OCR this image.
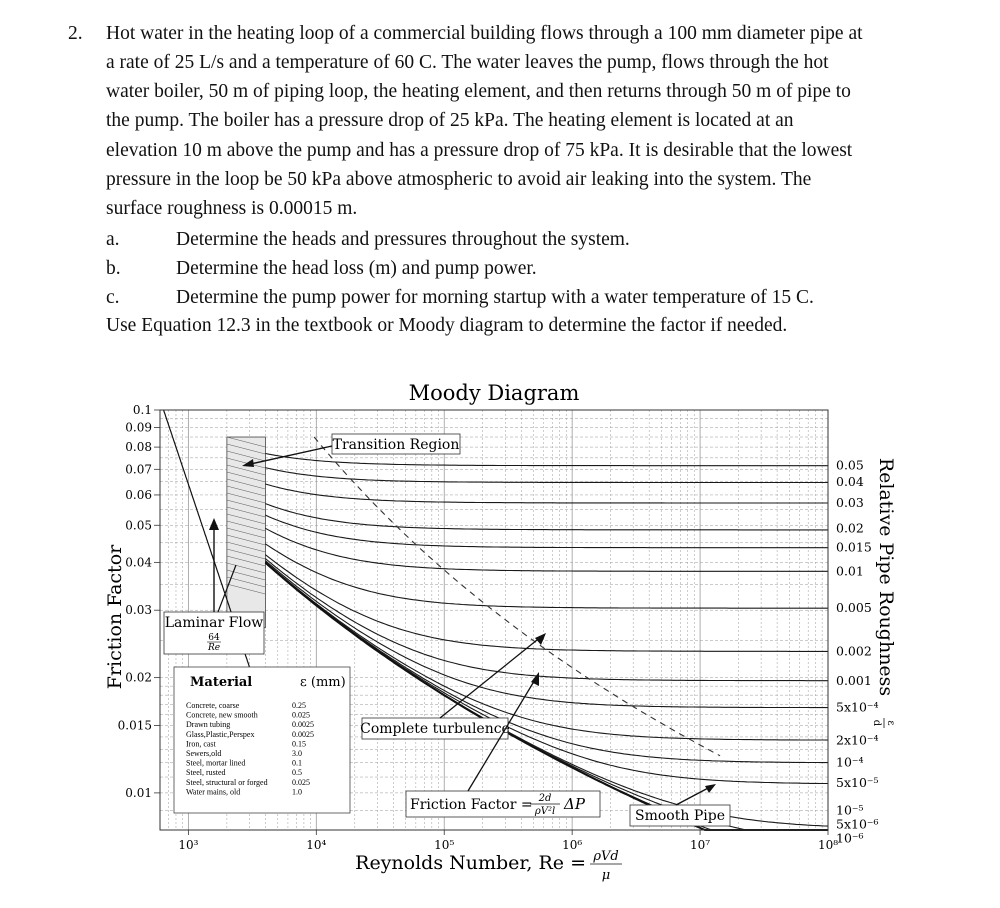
2. Hot water in the heating loop of a commercial building flows through a 100 mm diameter pipe at
a rate of 25 L/s and a temperature of 60 C. The water leaves the pump, flows through the hot
water boiler, 50 m of piping loop, the heating element, and then returns through 50 m of pipe to
the pump. The boiler has a pressure drop of 25 kPa. The heating element is located at an
elevation 10 m above the pump and has a pressure drop of 75 kPa. It is desirable that the lowest
pressure in the loop be 50 kPa above atmospheric to avoid air leaking into the system. The
surface roughness is 0.00015 m.
a.	Determine the heads and pressures throughout the system.
b.	Determine the head loss (m) and pump power.
c.	Determine the pump power for morning startup with a water temperature of 15 C.
Use Equation 12.3 in the textbook or Moody diagram to determine the factor if needed.
Moody Diagram
Friction Factor
0.1
0.09
0.08
0.07
0.06
0.05
0.04
0.03
0.02
0.015
0.01
10³	10⁴	10⁵	10⁶	10⁷	10⁸
0.05
0.04
0.03
0.02
0.015
0.01
0.005
0.002
0.001
5x10⁻⁴
2x10⁻⁴
10⁻⁴
5x10⁻⁵
10⁻⁵
5x10⁻⁶
10⁻⁶
Relative Pipe Roughness
ε
d
Reynolds Number, Re = ρVd
μ
Transition Region
Laminar Flow
64
Re
Material	ε (mm)
Concrete, coarse	0.25
Concrete, new smooth	0.025
Drawn tubing	0.0025
Glass,Plastic,Perspex	0.0025
Iron, cast	0.15
Sewers,old	3.0
Steel, mortar lined	0.1
Steel, rusted	0.5
Steel, structural or forged	0.025
Water mains, old	1.0
Complete turbulence
Friction Factor = 2d
ρV²l ΔP
Smooth Pipe
